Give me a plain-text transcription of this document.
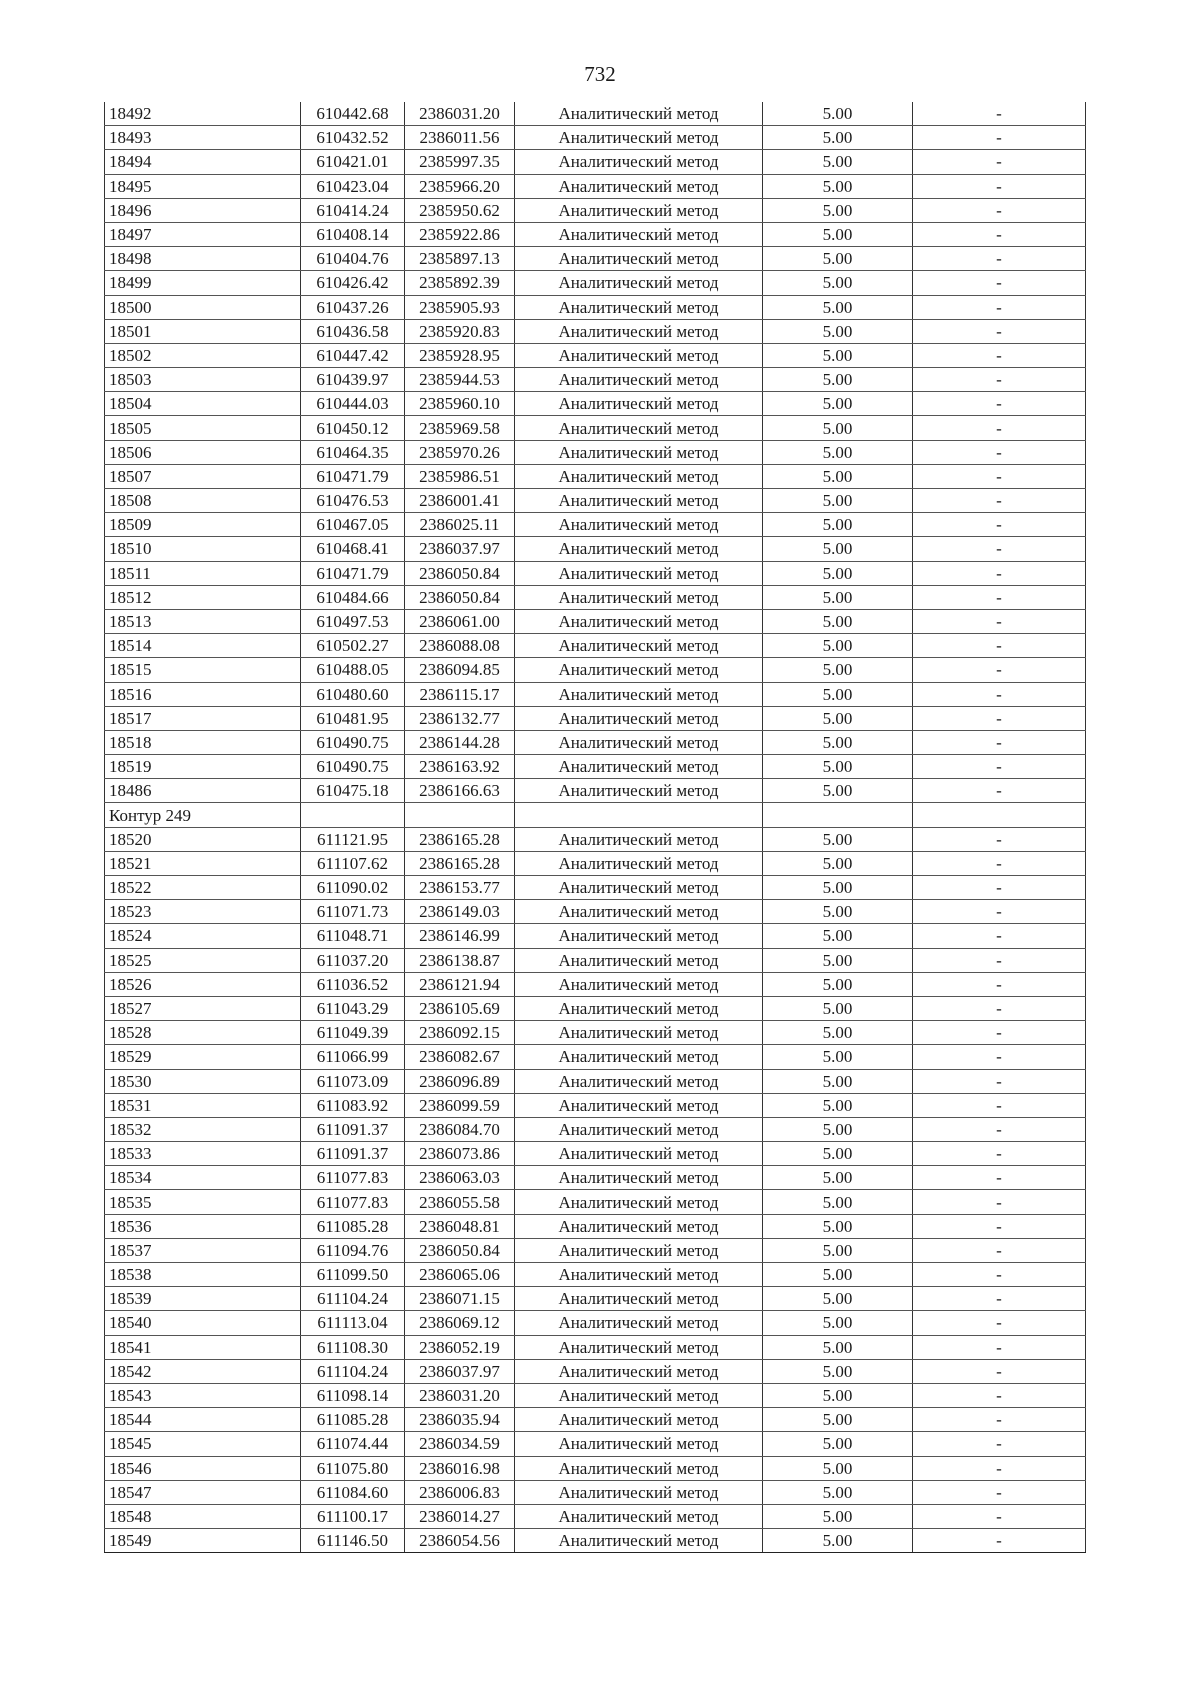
732
18492	610442.68	2386031.20	Аналитический метод	5.00	-
18493	610432.52	2386011.56	Аналитический метод	5.00	-
18494	610421.01	2385997.35	Аналитический метод	5.00	-
18495	610423.04	2385966.20	Аналитический метод	5.00	-
18496	610414.24	2385950.62	Аналитический метод	5.00	-
18497	610408.14	2385922.86	Аналитический метод	5.00	-
18498	610404.76	2385897.13	Аналитический метод	5.00	-
18499	610426.42	2385892.39	Аналитический метод	5.00	-
18500	610437.26	2385905.93	Аналитический метод	5.00	-
18501	610436.58	2385920.83	Аналитический метод	5.00	-
18502	610447.42	2385928.95	Аналитический метод	5.00	-
18503	610439.97	2385944.53	Аналитический метод	5.00	-
18504	610444.03	2385960.10	Аналитический метод	5.00	-
18505	610450.12	2385969.58	Аналитический метод	5.00	-
18506	610464.35	2385970.26	Аналитический метод	5.00	-
18507	610471.79	2385986.51	Аналитический метод	5.00	-
18508	610476.53	2386001.41	Аналитический метод	5.00	-
18509	610467.05	2386025.11	Аналитический метод	5.00	-
18510	610468.41	2386037.97	Аналитический метод	5.00	-
18511	610471.79	2386050.84	Аналитический метод	5.00	-
18512	610484.66	2386050.84	Аналитический метод	5.00	-
18513	610497.53	2386061.00	Аналитический метод	5.00	-
18514	610502.27	2386088.08	Аналитический метод	5.00	-
18515	610488.05	2386094.85	Аналитический метод	5.00	-
18516	610480.60	2386115.17	Аналитический метод	5.00	-
18517	610481.95	2386132.77	Аналитический метод	5.00	-
18518	610490.75	2386144.28	Аналитический метод	5.00	-
18519	610490.75	2386163.92	Аналитический метод	5.00	-
18486	610475.18	2386166.63	Аналитический метод	5.00	-
Контур 249					
18520	611121.95	2386165.28	Аналитический метод	5.00	-
18521	611107.62	2386165.28	Аналитический метод	5.00	-
18522	611090.02	2386153.77	Аналитический метод	5.00	-
18523	611071.73	2386149.03	Аналитический метод	5.00	-
18524	611048.71	2386146.99	Аналитический метод	5.00	-
18525	611037.20	2386138.87	Аналитический метод	5.00	-
18526	611036.52	2386121.94	Аналитический метод	5.00	-
18527	611043.29	2386105.69	Аналитический метод	5.00	-
18528	611049.39	2386092.15	Аналитический метод	5.00	-
18529	611066.99	2386082.67	Аналитический метод	5.00	-
18530	611073.09	2386096.89	Аналитический метод	5.00	-
18531	611083.92	2386099.59	Аналитический метод	5.00	-
18532	611091.37	2386084.70	Аналитический метод	5.00	-
18533	611091.37	2386073.86	Аналитический метод	5.00	-
18534	611077.83	2386063.03	Аналитический метод	5.00	-
18535	611077.83	2386055.58	Аналитический метод	5.00	-
18536	611085.28	2386048.81	Аналитический метод	5.00	-
18537	611094.76	2386050.84	Аналитический метод	5.00	-
18538	611099.50	2386065.06	Аналитический метод	5.00	-
18539	611104.24	2386071.15	Аналитический метод	5.00	-
18540	611113.04	2386069.12	Аналитический метод	5.00	-
18541	611108.30	2386052.19	Аналитический метод	5.00	-
18542	611104.24	2386037.97	Аналитический метод	5.00	-
18543	611098.14	2386031.20	Аналитический метод	5.00	-
18544	611085.28	2386035.94	Аналитический метод	5.00	-
18545	611074.44	2386034.59	Аналитический метод	5.00	-
18546	611075.80	2386016.98	Аналитический метод	5.00	-
18547	611084.60	2386006.83	Аналитический метод	5.00	-
18548	611100.17	2386014.27	Аналитический метод	5.00	-
18549	611146.50	2386054.56	Аналитический метод	5.00	-
